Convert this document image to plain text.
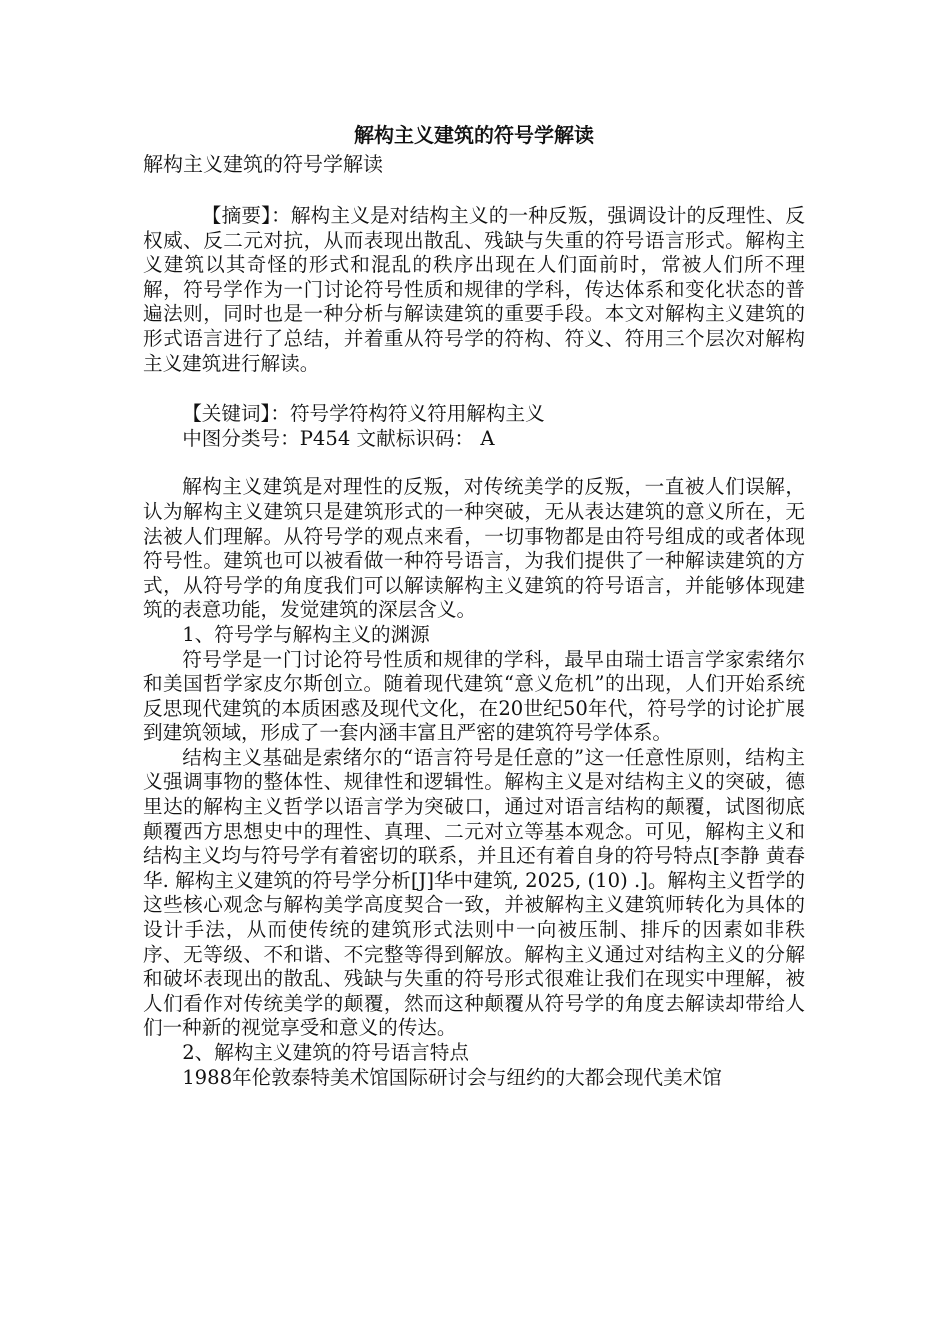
解构主义建筑的符号学解读
解构主义建筑的符号学解读

【摘要】：解构主义是对结构主义的一种反叛，强调设计的反理性、反权威、反二元对抗，从而表现出散乱、残缺与失重的符号语言形式。解构主义建筑以其奇怪的形式和混乱的秩序出现在人们面前时，常被人们所不理解，符号学作为一门讨论符号性质和规律的学科，传达体系和变化状态的普遍法则，同时也是一种分析与解读建筑的重要手段。本文对解构主义建筑的形式语言进行了总结，并着重从符号学的符构、符义、符用三个层次对解构主义建筑进行解读。

【关键词】：符号学符构符义符用解构主义

中图分类号：P454 文献标识码： A

解构主义建筑是对理性的反叛，对传统美学的反叛，一直被人们误解，认为解构主义建筑只是建筑形式的一种突破，无从表达建筑的意义所在，无法被人们理解。从符号学的观点来看，一切事物都是由符号组成的或者体现符号性。建筑也可以被看做一种符号语言，为我们提供了一种解读建筑的方式，从符号学的角度我们可以解读解构主义建筑的符号语言，并能够体现建筑的表意功能，发觉建筑的深层含义。

1、符号学与解构主义的渊源

符号学是一门讨论符号性质和规律的学科，最早由瑞士语言学家索绪尔和美国哲学家皮尔斯创立。随着现代建筑“意义危机”的出现，人们开始系统反思现代建筑的本质困惑及现代文化，在20世纪50年代，符号学的讨论扩展到建筑领域，形成了一套内涵丰富且严密的建筑符号学体系。

结构主义基础是索绪尔的“语言符号是任意的”这一任意性原则，结构主义强调事物的整体性、规律性和逻辑性。解构主义是对结构主义的突破，德里达的解构主义哲学以语言学为突破口，通过对语言结构的颠覆，试图彻底颠覆西方思想史中的理性、真理、二元对立等基本观念。可见，解构主义和结构主义均与符号学有着密切的联系，并且还有着自身的符号特点[李静 黄春华. 解构主义建筑的符号学分析[J]华中建筑, 2025, (10) .]。解构主义哲学的这些核心观念与解构美学高度契合一致，并被解构主义建筑师转化为具体的设计手法，从而使传统的建筑形式法则中一向被压制、排斥的因素如非秩序、无等级、不和谐、不完整等得到解放。解构主义通过对结构主义的分解和破坏表现出的散乱、残缺与失重的符号形式很难让我们在现实中理解，被人们看作对传统美学的颠覆，然而这种颠覆从符号学的角度去解读却带给人们一种新的视觉享受和意义的传达。

2、解构主义建筑的符号语言特点

1988年伦敦泰特美术馆国际研讨会与纽约的大都会现代美术馆
